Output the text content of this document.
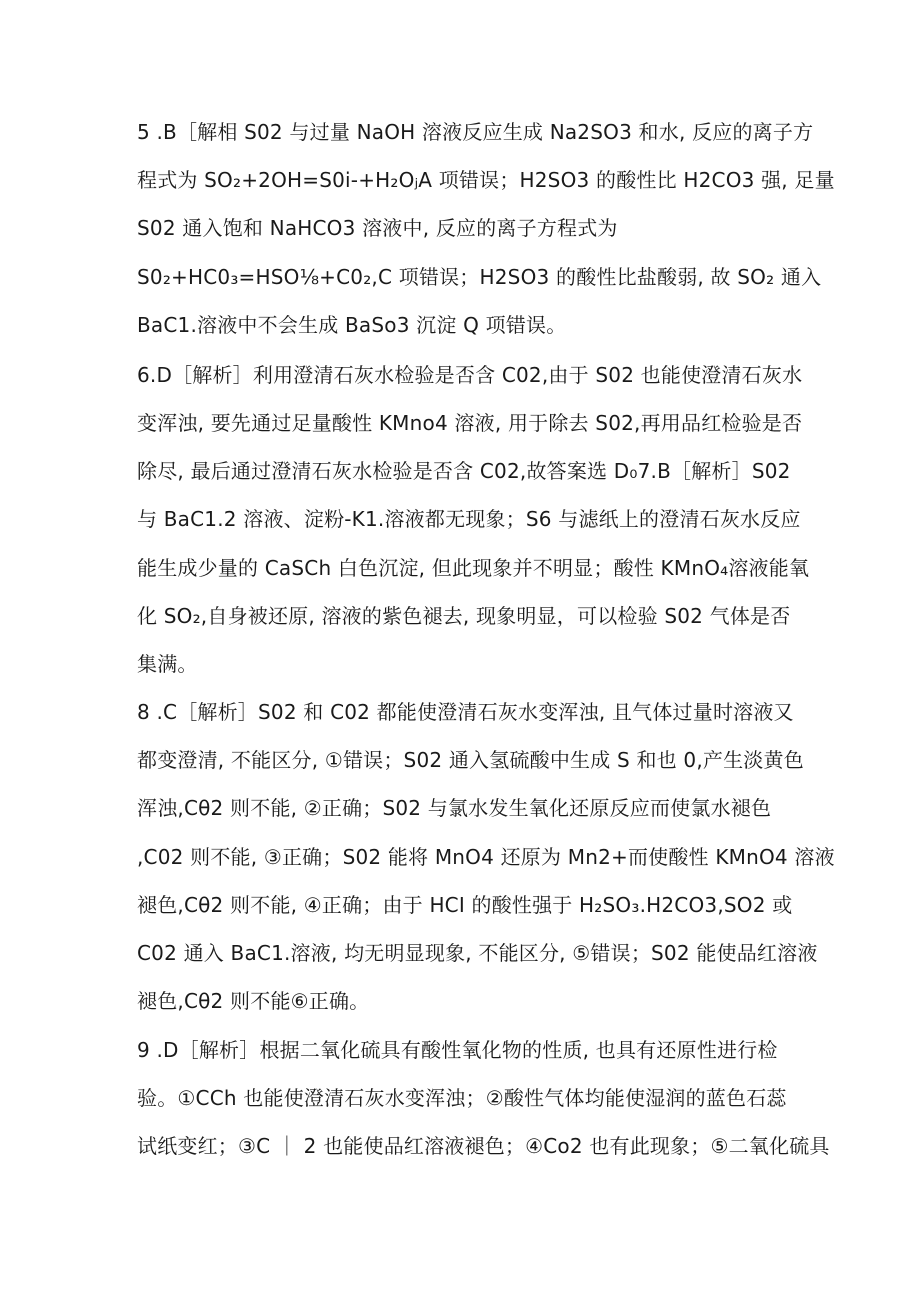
5 .B［解相 S02 与过量 NaOH 溶液反应生成 Na2SO3 和水, 反应的离子方

程式为 SO₂+2OH=S0i-+H₂OⱼA 项错误；H2SO3 的酸性比 H2CO3 强, 足量

S02 通入饱和 NaHCO3 溶液中, 反应的离子方程式为

S0₂+HC0₃=HSO⅛+C0₂,C 项错误；H2SO3 的酸性比盐酸弱, 故 SO₂ 通入

BaC1.溶液中不会生成 BaSo3 沉淀 Q 项错误。

6.D［解析］利用澄清石灰水检验是否含 C02,由于 S02 也能使澄清石灰水

变浑浊, 要先通过足量酸性 KMno4 溶液, 用于除去 S02,再用品红检验是否

除尽, 最后通过澄清石灰水检验是否含 C02,故答案选 D₀7.B［解析］S02

与 BaC1.2 溶液、淀粉-K1.溶液都无现象；S6 与滤纸上的澄清石灰水反应

能生成少量的 CaSCh 白色沉淀, 但此现象并不明显；酸性 KMnO₄溶液能氧

化 SO₂,自身被还原, 溶液的紫色褪去, 现象明显，可以检验 S02 气体是否

集满。

8 .C［解析］S02 和 C02 都能使澄清石灰水变浑浊, 且气体过量时溶液又

都变澄清, 不能区分, ①错误；S02 通入氢硫酸中生成 S 和也 0,产生淡黄色

浑浊,Cθ2 则不能, ②正确；S02 与氯水发生氧化还原反应而使氯水褪色

,C02 则不能, ③正确；S02 能将 MnO4 还原为 Mn2+而使酸性 KMnO4 溶液

褪色,Cθ2 则不能, ④正确；由于 HCI 的酸性强于 H₂SO₃.H2CO3,SO2 或

C02 通入 BaC1.溶液, 均无明显现象, 不能区分, ⑤错误；S02 能使品红溶液

褪色,Cθ2 则不能⑥正确。

9 .D［解析］根据二氧化硫具有酸性氧化物的性质, 也具有还原性进行检

验。①CCh 也能使澄清石灰水变浑浊；②酸性气体均能使湿润的蓝色石蕊

试纸变红；③C ｜ 2 也能使品红溶液褪色；④Co2 也有此现象；⑤二氧化硫具
